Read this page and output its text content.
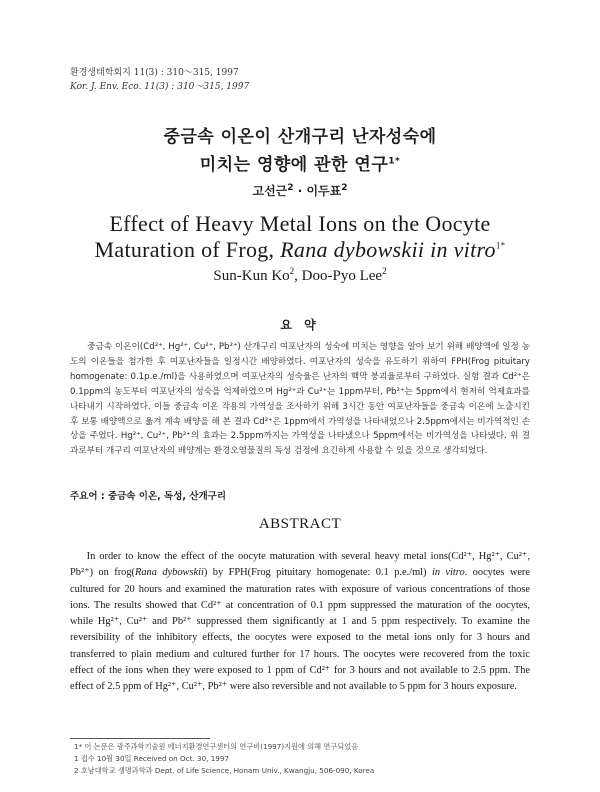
환경생태학회지 11(3) : 310～315, 1997
Kor. J. Env. Eco. 11(3) : 310～315, 1997
중금속 이온이 산개구리 난자성숙에
미치는 영향에 관한 연구$^{1*}$
고선근$^2$ · 이두표$^2$
Effect of Heavy Metal Ions on the Oocyte
Maturation of Frog, Rana dybowskii in vitro$^{1*}$
Sun-Kun Ko$^2$, Doo-Pyo Lee$^2$
요 약
중금속 이온이(Cd²⁺, Hg²⁺, Cu²⁺, Pb²⁺) 산개구리 여포난자의 성숙에 미치는 영향을 알아 보기 위해 배양액에 일정 농도의 이온들을 첨가한 후 여포난자들을 일정시간 배양하였다. 여포난자의 성숙을 유도하기 위하여 FPH(Frog pituitary homogenate: 0.1p.e./ml)을 사용하였으며 여포난자의 성숙율은 난자의 핵막 붕괴율로부터 구하였다. 실험 결과 Cd²⁺은 0.1ppm의 농도부터 여포난자의 성숙을 억제하였으며 Hg²⁺과 Cu²⁺는 1ppm부터, Pb²⁺는 5ppm에서 현저히 억제효과를 나타내기 시작하였다. 이들 중금속 이온 작용의 가역성을 조사하기 위해 3시간 동안 여포난자들을 중금속 이온에 노출시킨 후 보통 배양액으로 옮겨 계속 배양을 해 본 결과 Cd²⁺은 1ppm에서 가역성을 나타내었으나 2.5ppm에서는 비가역적인 손상을 주었다. Hg²⁺, Cu²⁺, Pb²⁺의 효과는 2.5ppm까지는 가역성을 나타냈으나 5ppm에서는 비가역성을 나타냈다. 위 결과로부터 개구리 여포난자의 배양계는 환경오염물질의 독성 검정에 요긴하게 사용할 수 있을 것으로 생각되었다.
주요어 : 중금속 이온, 독성, 산개구리
ABSTRACT
In order to know the effect of the oocyte maturation with several heavy metal ions(Cd²⁺, Hg²⁺, Cu²⁺, Pb²⁺) on frog(Rana dybowskii) by FPH(Frog pituitary homogenate: 0.1 p.e./ml) in vitro. oocytes were cultured for 20 hours and examined the maturation rates with exposure of various concentrations of those ions. The results showed that Cd²⁺ at concentration of 0.1 ppm suppressed the maturation of the oocytes, while Hg²⁺, Cu²⁺ and Pb²⁺ suppressed them significantly at 1 and 5 ppm respectively. To examine the reversibility of the inhibitory effects, the oocytes were exposed to the metal ions only for 3 hours and transferred to plain medium and cultured further for 17 hours. The oocytes were recovered from the toxic effect of the ions when they were exposed to 1 ppm of Cd²⁺ for 3 hours and not available to 2.5 ppm. The effect of 2.5 ppm of Hg²⁺, Cu²⁺, Pb²⁺ were also reversible and not available to 5 ppm for 3 hours exposure.
1* 이 논문은 광주과학기술원 에너지환경연구센터의 연구비(1997)지원에 의해 연구되었음
1 접수 10월 30일 Received on Oct. 30, 1997
2 호남대학교 생명과학과 Dept. of Life Science, Honam Univ., Kwangju, 506-090, Korea
